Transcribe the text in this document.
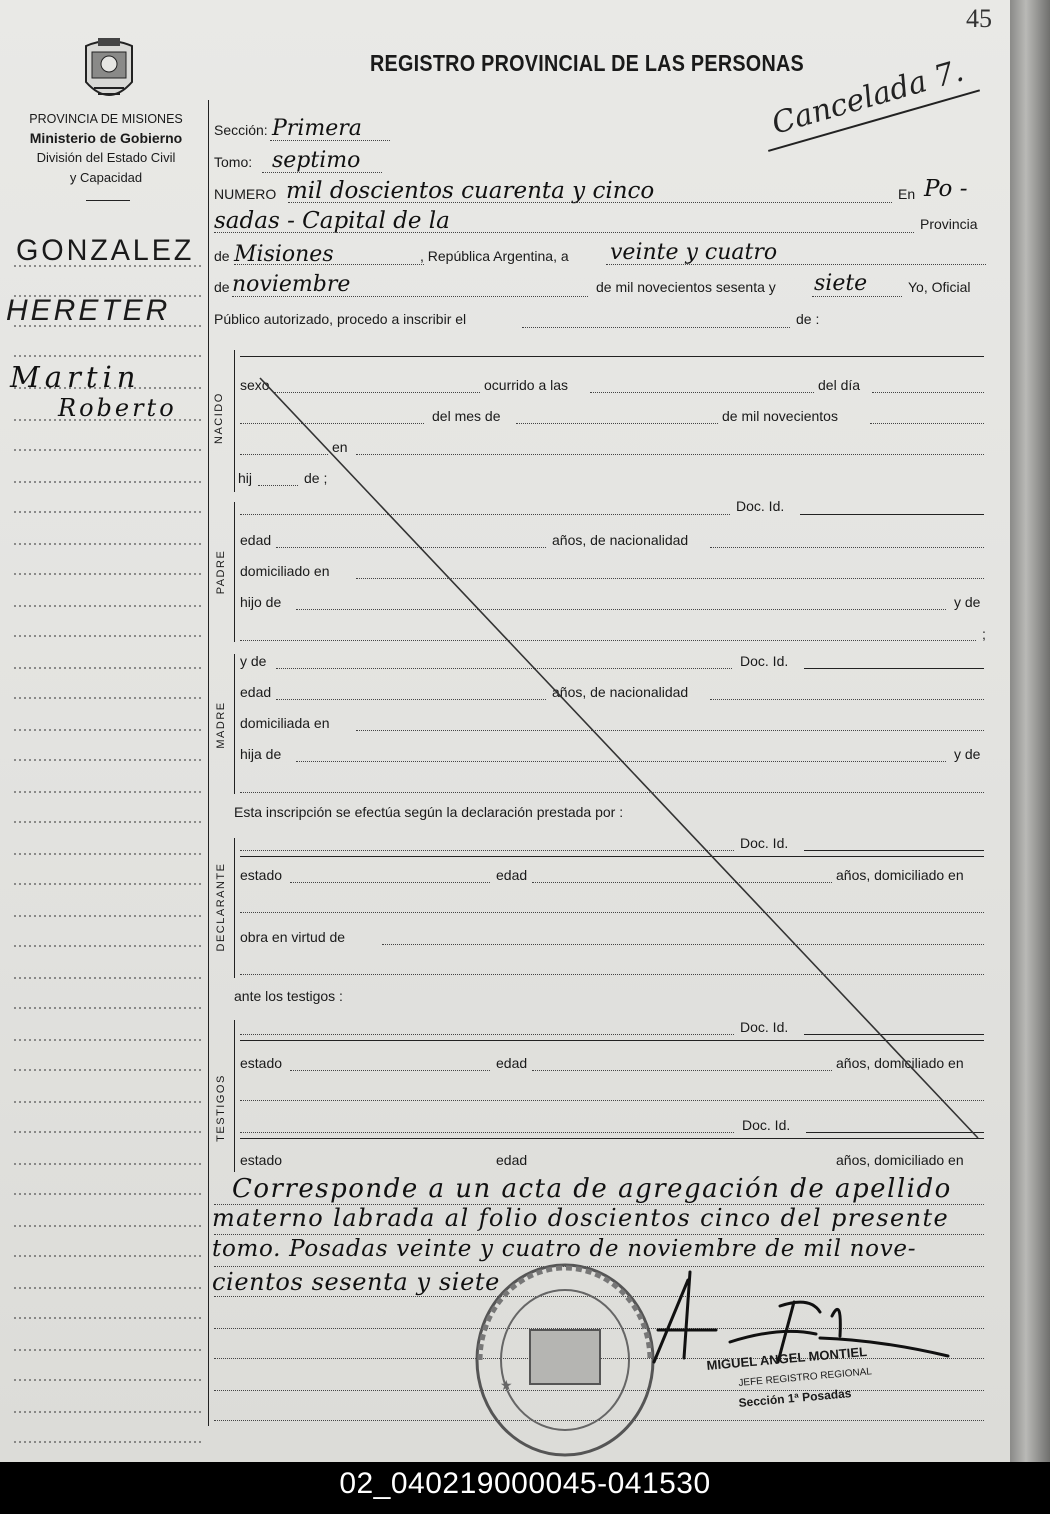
45
REGISTRO PROVINCIAL DE LAS PERSONAS
PROVINCIA DE MISIONES
Ministerio de Gobierno
División del Estado Civil
y Capacidad
Cancelada 7.
GONZALEZ
HERETER
Martin
Roberto
Sección: Primera
Tomo: septimo
NUMERO mil doscientos cuarenta y cinco	En Po -
sadas - Capital de la	Provincia
de Misiones	, República Argentina, a veinte y cuatro
de noviembre	de mil novecientos sesenta y siete	Yo, Oficial
Público autorizado, procedo a inscribir el	de :
NACIDO
sexo	ocurrido a las	del día
del mes de	de mil novecientos
en
hij	de ;
Doc. Id.
PADRE
edad	años, de nacionalidad
domiciliado en
hijo de	y de
;
MADRE
y de	Doc. Id.
edad	años, de nacionalidad
domiciliada en
hija de	y de
Esta inscripción se efectúa según la declaración prestada por :
Doc. Id.
DECLARANTE estado	edad	años, domiciliado en
obra en virtud de
ante los testigos :
TESTIGOS
Doc. Id.
estado	edad	años, domiciliado en
Doc. Id.
estado	edad	años, domiciliado en
Corresponde a un acta de agregación de apellido
materno labrada al folio doscientos cinco del presente
tomo. Posadas veinte y cuatro de noviembre de mil nove-
cientos sesenta y siete
★
MIGUEL ANGEL MONTIEL
JEFE REGISTRO REGIONAL
Sección 1ª Posadas
02_040219000045-041530
